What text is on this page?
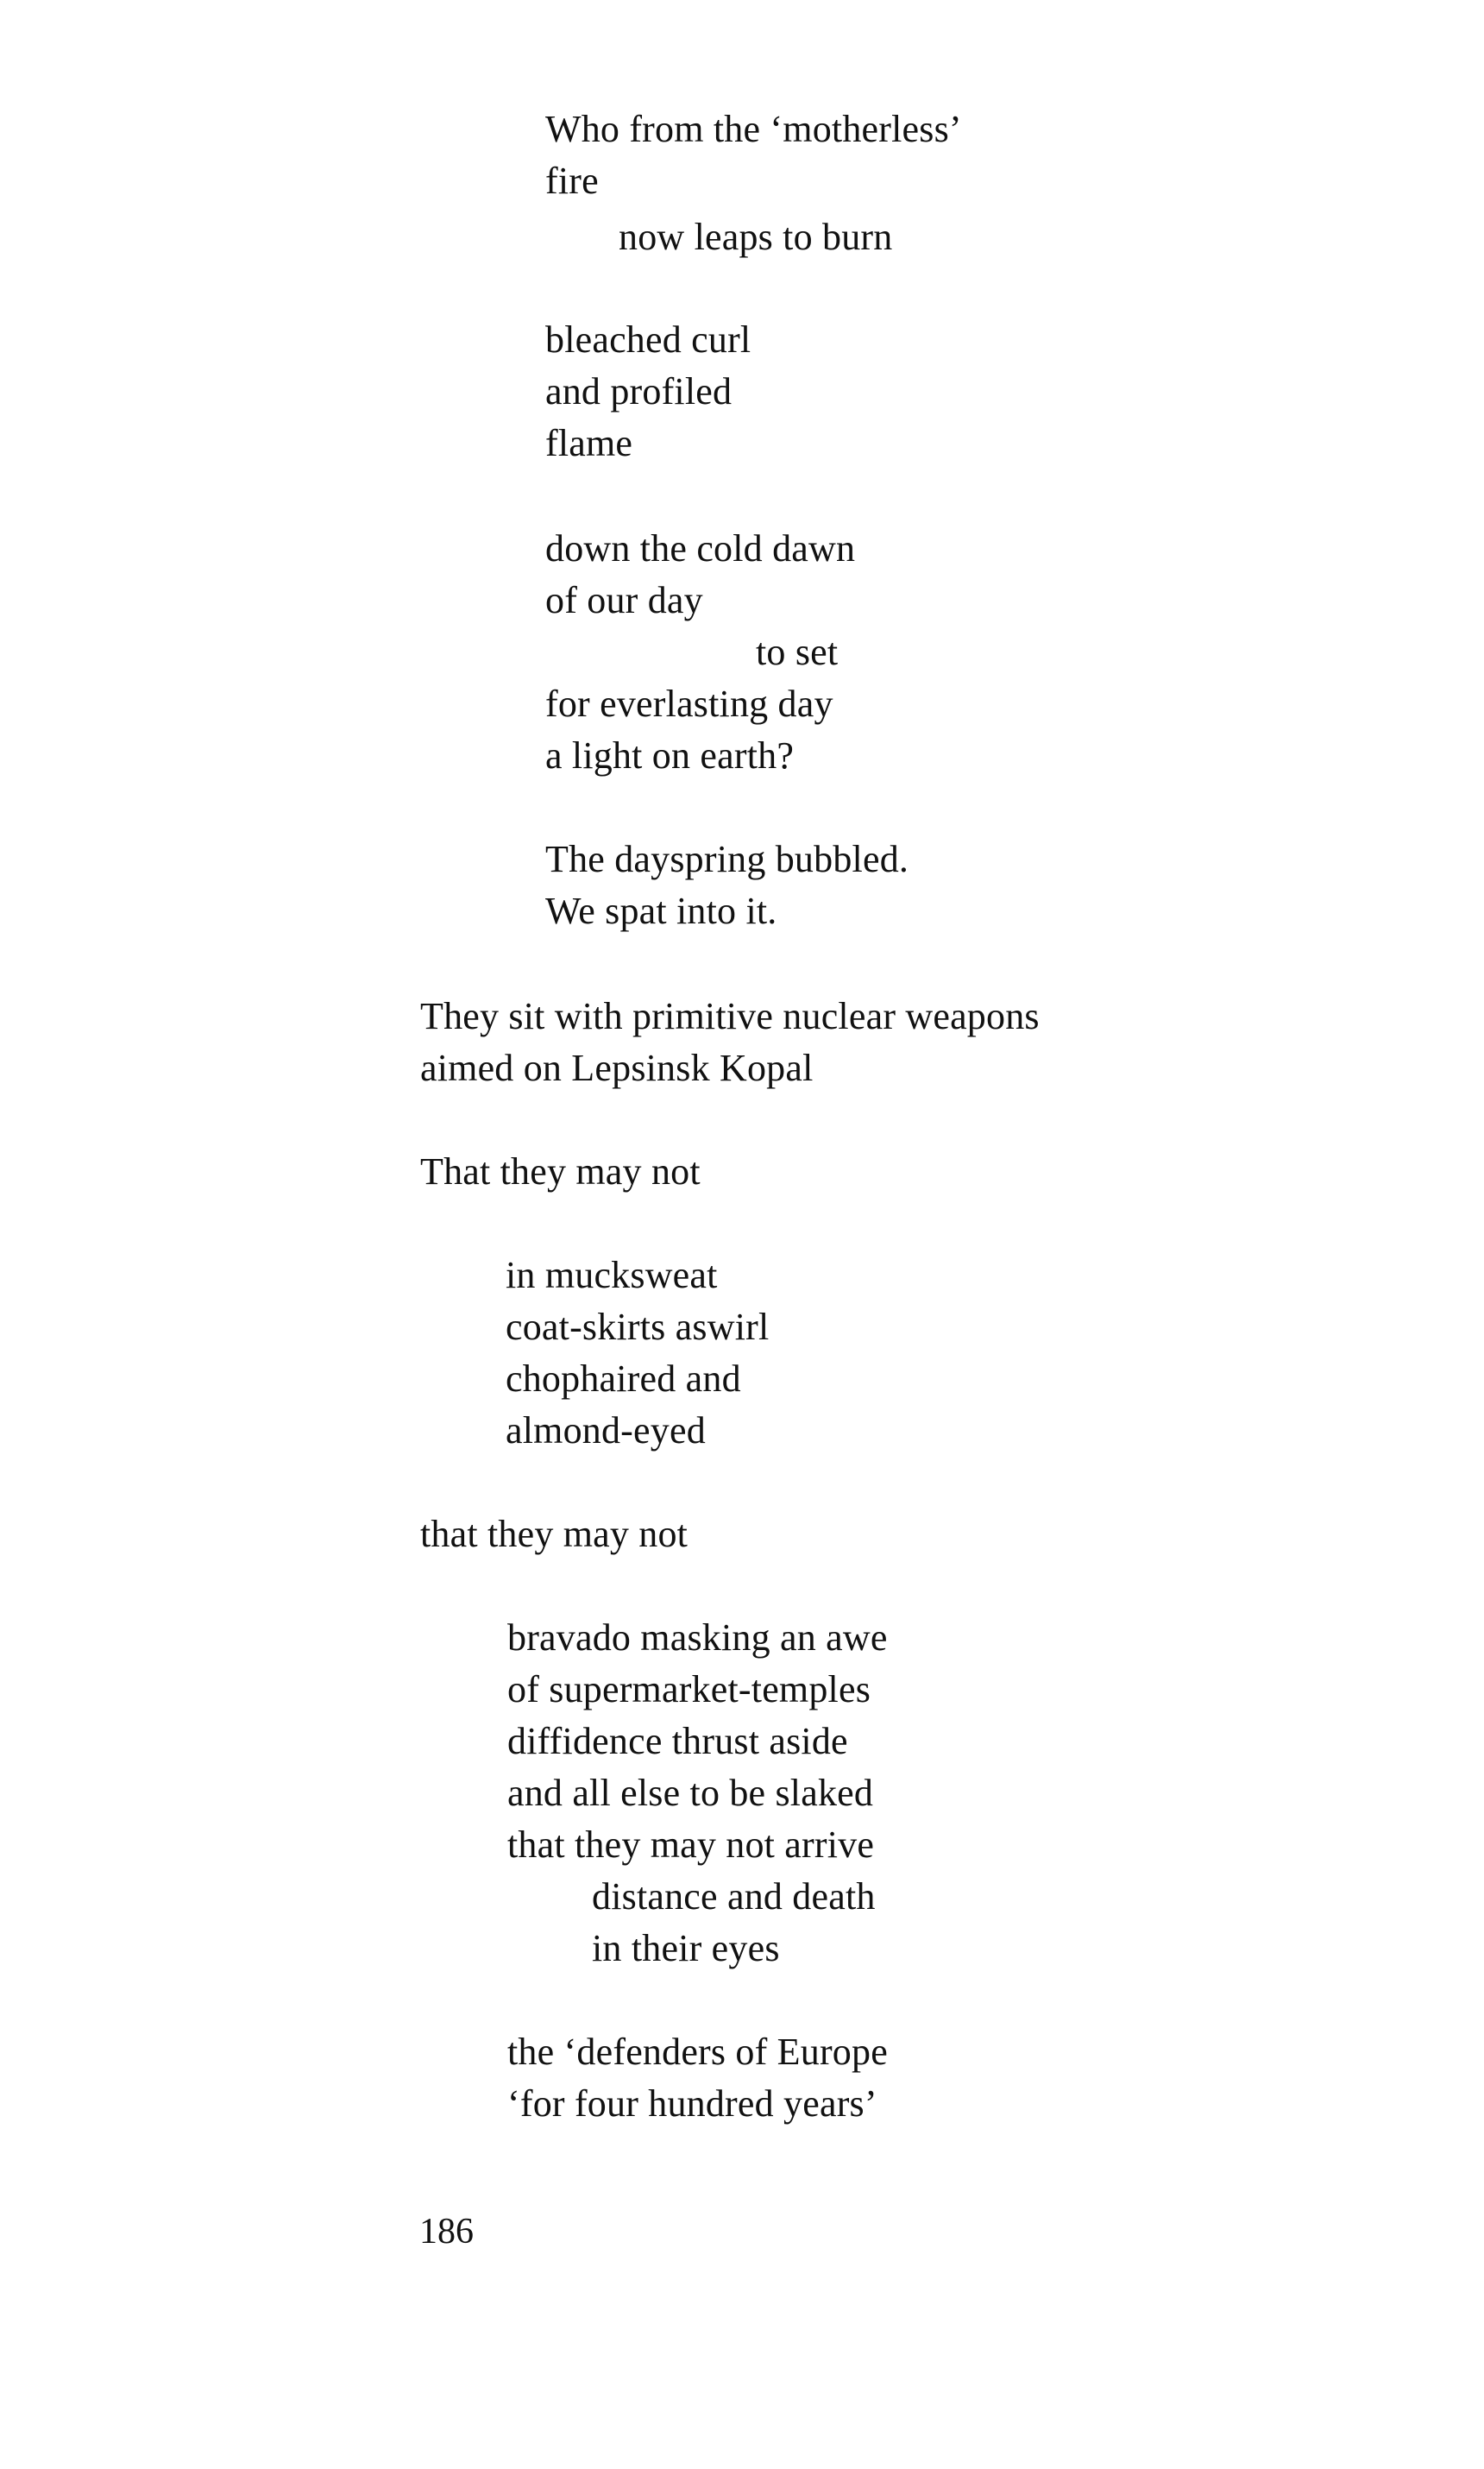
Who from the ‘motherless’
fire
now leaps to burn
bleached curl
and profiled
flame
down the cold dawn
of our day
to set
for everlasting day
a light on earth?
The dayspring bubbled.
We spat into it.
They sit with primitive nuclear weapons
aimed on Lepsinsk Kopal
That they may not
in mucksweat
coat-skirts aswirl
chophaired and
almond-eyed
that they may not
bravado masking an awe
of supermarket-temples
diffidence thrust aside
and all else to be slaked
that they may not arrive
distance and death
in their eyes
the ‘defenders of Europe
‘for four hundred years’
186
